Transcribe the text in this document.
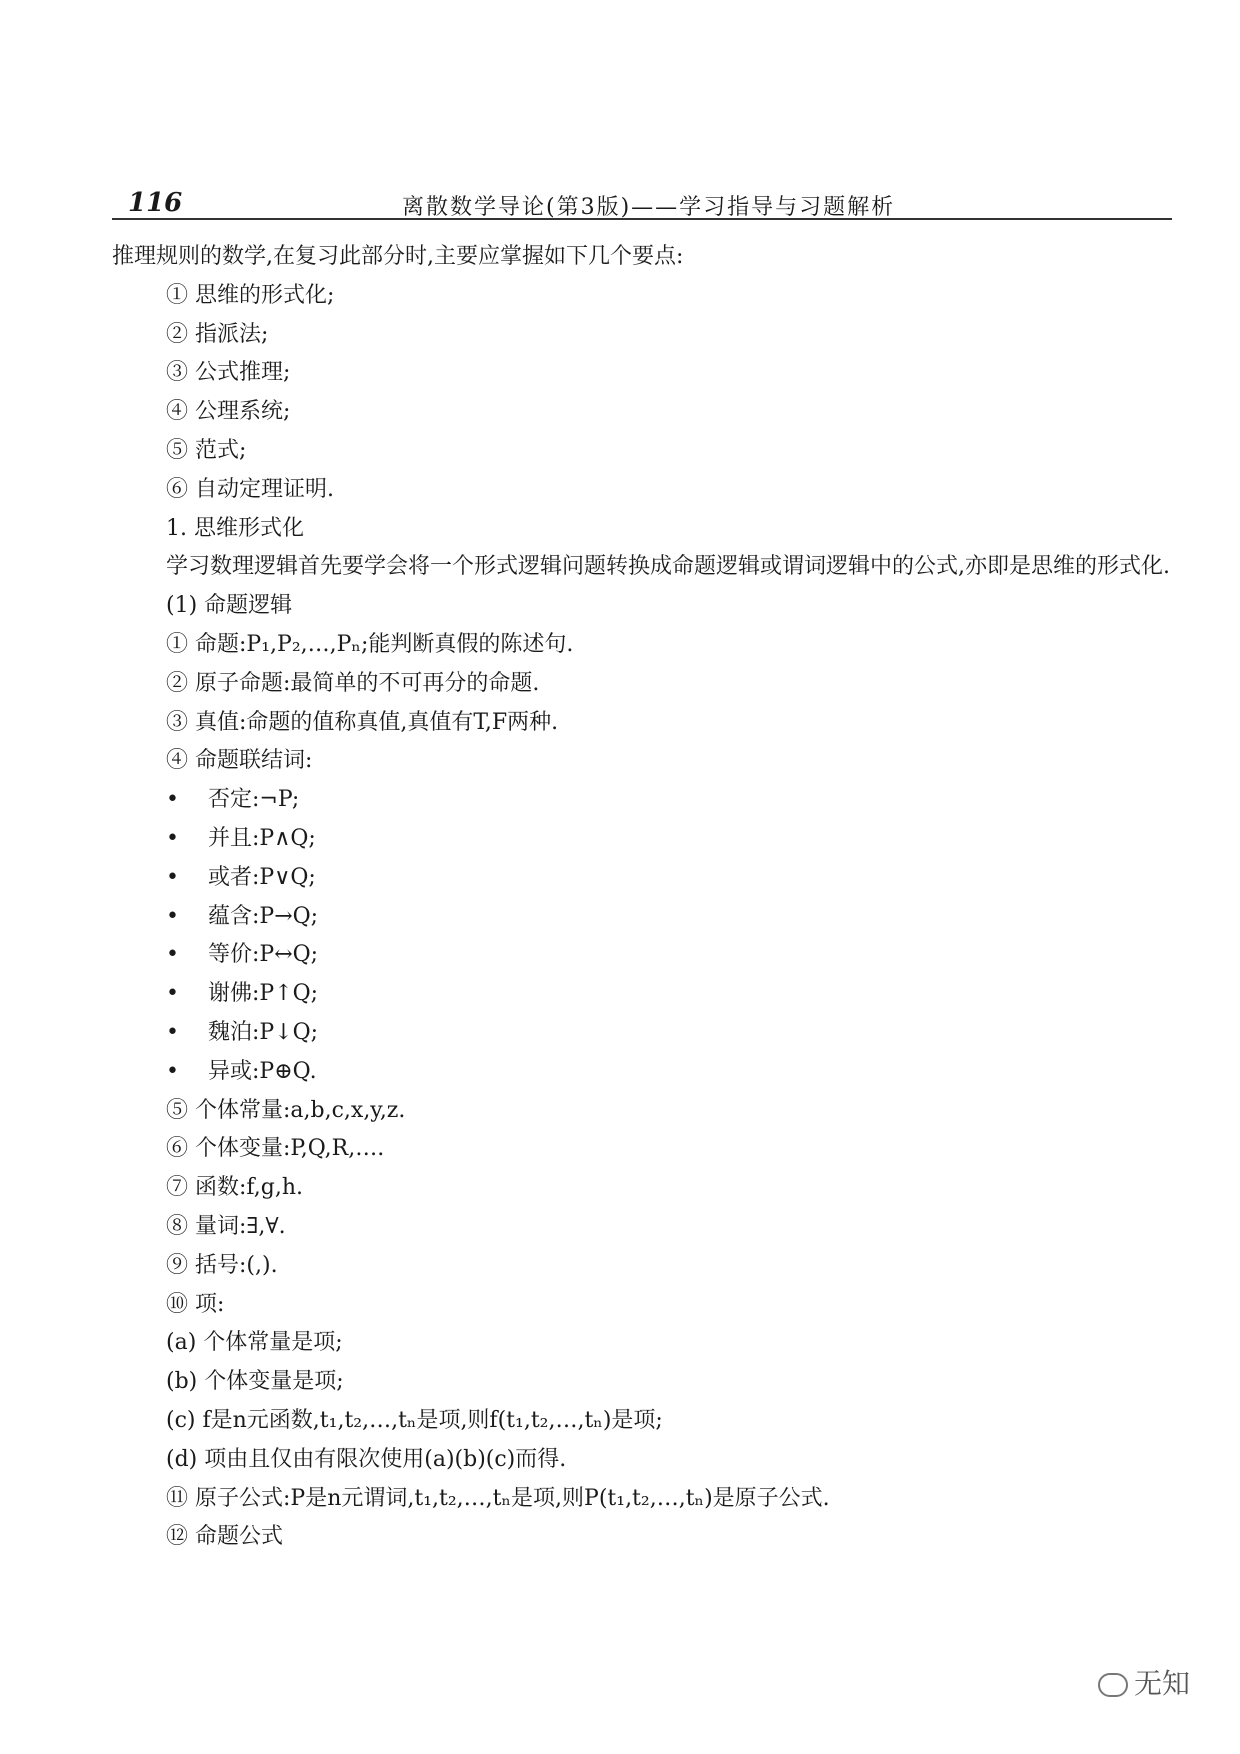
116	离散数学导论(第3版)——学习指导与习题解析
推理规则的数学,在复习此部分时,主要应掌握如下几个要点:
① 思维的形式化;
② 指派法;
③ 公式推理;
④ 公理系统;
⑤ 范式;
⑥ 自动定理证明.
1. 思维形式化
学习数理逻辑首先要学会将一个形式逻辑问题转换成命题逻辑或谓词逻辑中的公式,亦即是思维的形式化.
(1) 命题逻辑
① 命题:P₁,P₂,…,Pₙ;能判断真假的陈述句.
② 原子命题:最简单的不可再分的命题.
③ 真值:命题的值称真值,真值有T,F两种.
④ 命题联结词:
• 否定:¬P;
• 并且:P∧Q;
• 或者:P∨Q;
• 蕴含:P→Q;
• 等价:P↔Q;
• 谢佛:P↑Q;
• 魏泊:P↓Q;
• 异或:P⊕Q.
⑤ 个体常量:a,b,c,x,y,z.
⑥ 个体变量:P,Q,R,….
⑦ 函数:f,g,h.
⑧ 量词:∃,∀.
⑨ 括号:(,).
⑩ 项:
(a) 个体常量是项;
(b) 个体变量是项;
(c) f是n元函数,t₁,t₂,…,tₙ是项,则f(t₁,t₂,…,tₙ)是项;
(d) 项由且仅由有限次使用(a)(b)(c)而得.
⑪ 原子公式:P是n元谓词,t₁,t₂,…,tₙ是项,则P(t₁,t₂,…,tₙ)是原子公式.
⑫ 命题公式
无知
